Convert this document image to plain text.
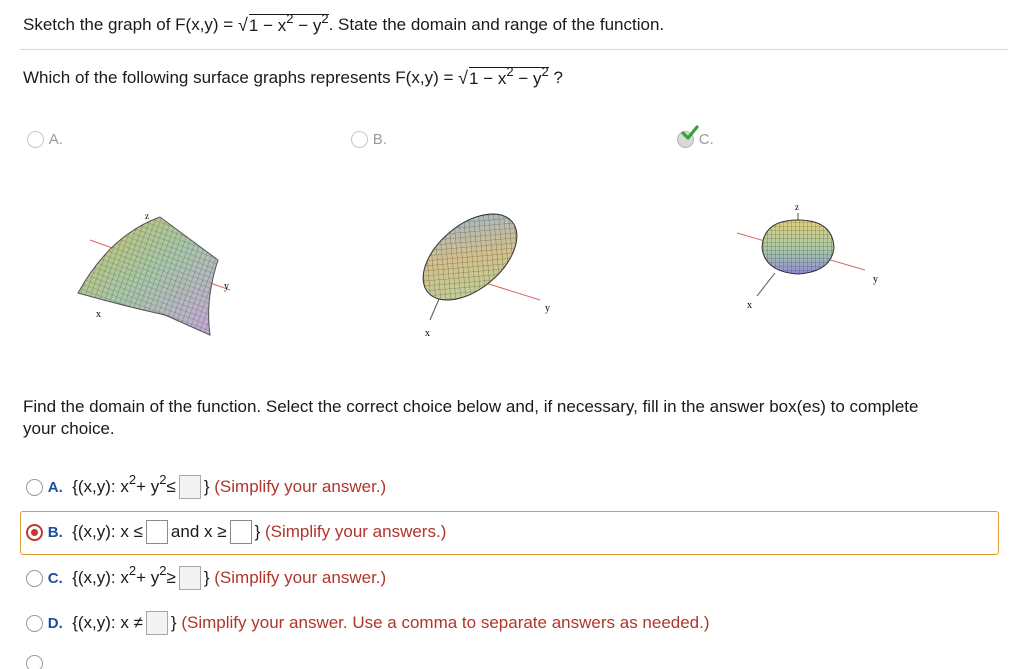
Sketch the graph of F(x,y) =
√ 1
−
x 2
−
y 2 . State the domain and range of the function.
Which of the following surface graphs represents F(x,y) =
√ 1
−
x 2
−
y 2
?

A.
	B.
	C.
z
x
y
y
x
z
y
x
Find the domain of the function. Select the correct choice below and, if necessary, fill in the answer box(es) to complete
your choice.

A.
{(x,y): x 2 + y 2 ≤ }
(Simplify your answer.)

B.
{(x,y): x ≤ and x ≥ }
(Simplify your answers.)

C.
{(x,y): x 2 + y 2 ≥ }
(Simplify your answer.)

D.
{(x,y): x ≠ }
(Simplify your answer. Use a comma to separate answers as needed.)
